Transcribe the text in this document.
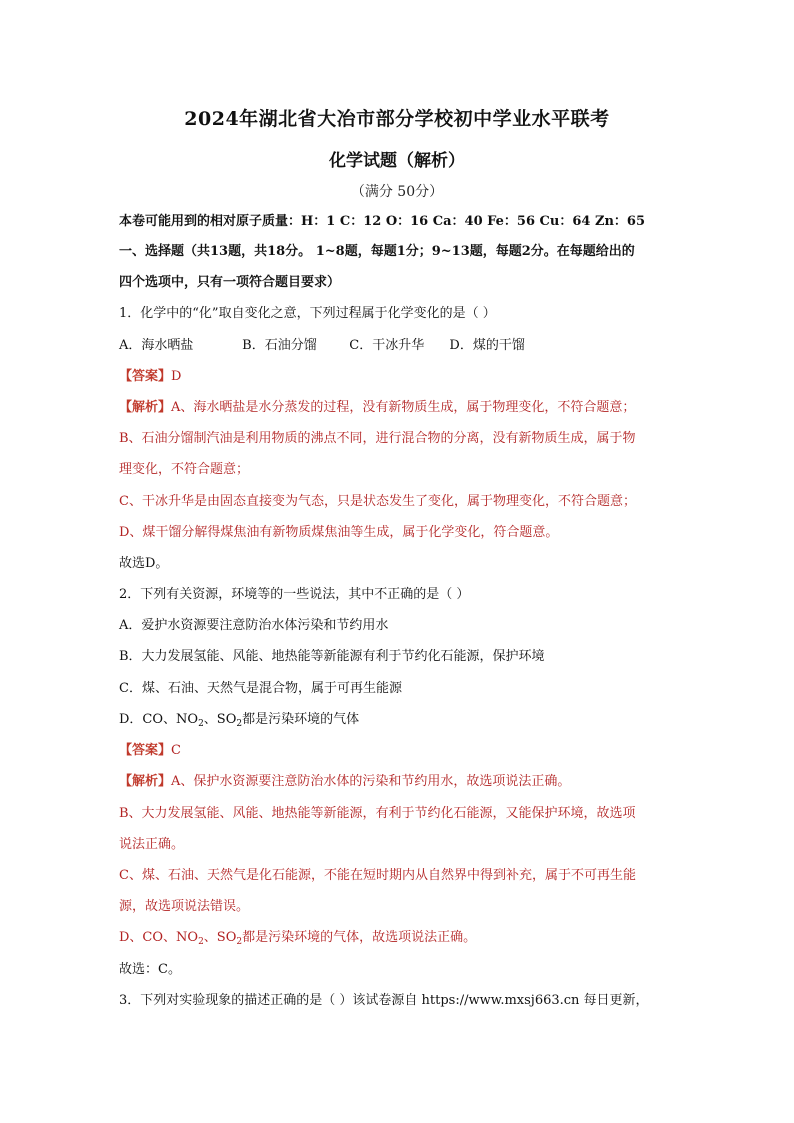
2024年湖北省大冶市部分学校初中学业水平联考
化学试题（解析）
（满分 50分）
本卷可能用到的相对原子质量：H：1 C：12 O：16 Ca：40 Fe：56 Cu：64 Zn：65
一、选择题（共13题，共18分。 1~8题，每题1分；9~13题，每题2分。在每题给出的
四个选项中，只有一项符合题目要求）
1．化学中的“化”取自变化之意，下列过程属于化学变化的是（ ）
A．海水晒盐	B．石油分馏	C．干冰升华 D．煤的干馏
【答案】D
【解析】A、海水晒盐是水分蒸发的过程，没有新物质生成，属于物理变化，不符合题意；
B、石油分馏制汽油是利用物质的沸点不同，进行混合物的分离，没有新物质生成，属于物
理变化，不符合题意；
C、干冰升华是由固态直接变为气态，只是状态发生了变化，属于物理变化，不符合题意；
D、煤干馏分解得煤焦油有新物质煤焦油等生成，属于化学变化，符合题意。
故选D。
2．下列有关资源，环境等的一些说法，其中不正确的是（ ）
A．爱护水资源要注意防治水体污染和节约用水
B．大力发展氢能、风能、地热能等新能源有利于节约化石能源，保护环境
C．煤、石油、天然气是混合物，属于可再生能源
D．CO、$NO_2$、$SO_2$都是污染环境的气体
【答案】C
【解析】A、保护水资源要注意防治水体的污染和节约用水，故选项说法正确。
B、大力发展氢能、风能、地热能等新能源，有利于节约化石能源，又能保护环境，故选项
说法正确。
C、煤、石油、天然气是化石能源，不能在短时期内从自然界中得到补充，属于不可再生能
源，故选项说法错误。
D、CO、$NO_2$、$SO_2$都是污染环境的气体，故选项说法正确。
故选：C。
3．下列对实验现象的描述正确的是（ ）该试卷源自 https://www.mxsj663.cn 每日更新，
